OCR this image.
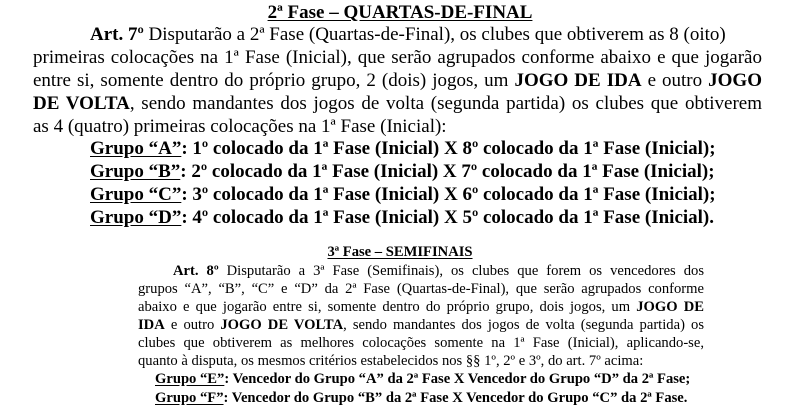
2ª Fase – QUARTAS-DE-FINAL
Art. 7º Disputarão a 2ª Fase (Quartas-de-Final), os clubes que obtiverem as 8 (oito)
primeiras colocações na 1ª Fase (Inicial), que serão agrupados conforme abaixo e que jogarão
entre si, somente dentro do próprio grupo, 2 (dois) jogos, um JOGO DE IDA e outro JOGO
DE VOLTA, sendo mandantes dos jogos de volta (segunda partida) os clubes que obtiverem
as 4 (quatro) primeiras colocações na 1ª Fase (Inicial):
Grupo “A”: 1º colocado da 1ª Fase (Inicial) X 8º colocado da 1ª Fase (Inicial);
Grupo “B”: 2º colocado da 1ª Fase (Inicial) X 7º colocado da 1ª Fase (Inicial);
Grupo “C”: 3º colocado da 1ª Fase (Inicial) X 6º colocado da 1ª Fase (Inicial);
Grupo “D”: 4º colocado da 1ª Fase (Inicial) X 5º colocado da 1ª Fase (Inicial).
3ª Fase – SEMIFINAIS
Art. 8º Disputarão a 3ª Fase (Semifinais), os clubes que forem os vencedores dos
grupos “A”, “B”, “C” e “D” da 2ª Fase (Quartas-de-Final), que serão agrupados conforme
abaixo e que jogarão entre si, somente dentro do próprio grupo, dois jogos, um JOGO DE
IDA e outro JOGO DE VOLTA, sendo mandantes dos jogos de volta (segunda partida) os
clubes que obtiverem as melhores colocações somente na 1ª Fase (Inicial), aplicando-se,
quanto à disputa, os mesmos critérios estabelecidos nos §§ 1º, 2º e 3º, do art. 7º acima:
Grupo “E”: Vencedor do Grupo “A” da 2ª Fase X Vencedor do Grupo “D” da 2ª Fase;
Grupo “F”: Vencedor do Grupo “B” da 2ª Fase X Vencedor do Grupo “C” da 2ª Fase.
